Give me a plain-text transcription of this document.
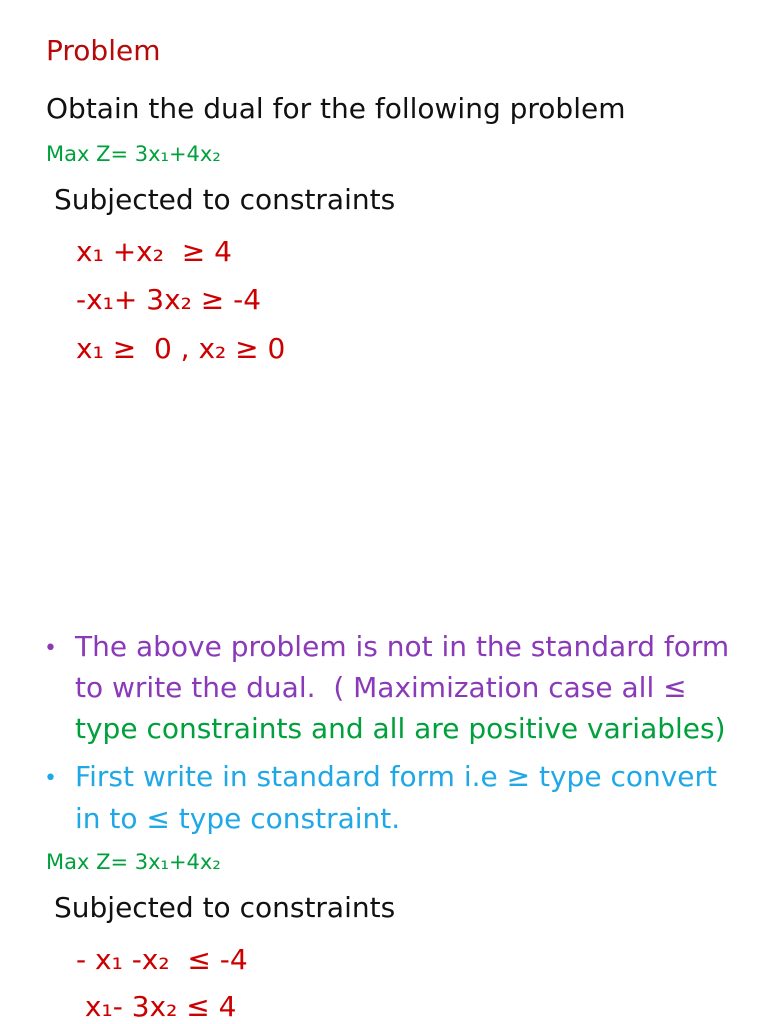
Problem
Obtain the dual for the following problem
Max Z= 3x₁+4x₂
Subjected to constraints
x₁ +x₂  ≥ 4
-x₁+ 3x₂ ≥ -4
x₁ ≥  0 , x₂ ≥ 0
• The above problem is not in the standard form
to write the dual.  ( Maximization case all ≤
type constraints and all are positive variables)
• First write in standard form i.e ≥ type convert
in to ≤ type constraint.
Max Z= 3x₁+4x₂
Subjected to constraints
- x₁ -x₂  ≤ -4
x₁- 3x₂ ≤ 4
